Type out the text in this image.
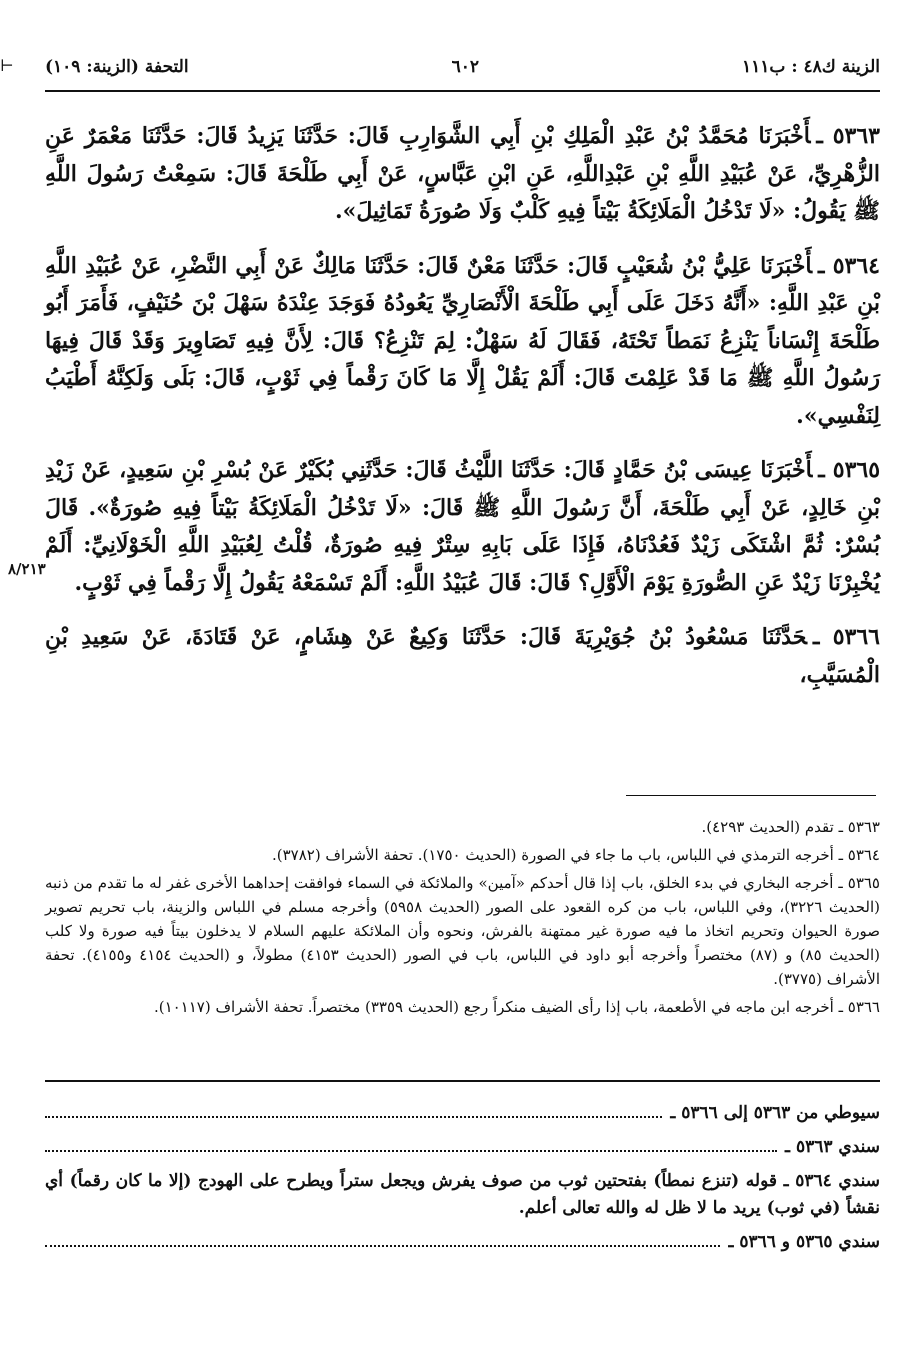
⊣	الزينة ك٤٨ : ب١١١
٦٠٢
التحفة (الزينة: ١٠٩)

٥٣٦٣ ـأَخْبَرَنَا مُحَمَّدُ بْنُ عَبْدِ الْمَلِكِ بْنِ أَبِي الشَّوَارِبِ قَالَ: حَدَّثَنَا يَزِيدُ قَالَ: حَدَّثَنَا مَعْمَرٌ عَنِ الزُّهْرِيِّ، عَنْ عُبَيْدِ اللَّهِ بْنِ عَبْدِاللَّهِ، عَنِ ابْنِ عَبَّاسٍ، عَنْ أَبِي طَلْحَةَ قَالَ: سَمِعْتُ رَسُولَ اللَّهِ ﷺ يَقُولُ: «لَا تَدْخُلُ الْمَلَائِكَةُ بَيْتاً فِيهِ كَلْبٌ وَلَا صُورَةُ تَمَاثِيلَ».

٥٣٦٤ ـأَخْبَرَنَا عَلِيُّ بْنُ شُعَيْبٍ قَالَ: حَدَّثَنَا مَعْنٌ قَالَ: حَدَّثَنَا مَالِكٌ عَنْ أَبِي النَّضْرِ، عَنْ عُبَيْدِ اللَّهِ بْنِ عَبْدِ اللَّهِ: «أَنَّهُ دَخَلَ عَلَى أَبِي طَلْحَةَ الْأَنْصَارِيِّ يَعُودُهُ فَوَجَدَ عِنْدَهُ سَهْلَ بْنَ حُنَيْفٍ، فَأَمَرَ أَبُو طَلْحَةَ إِنْسَاناً يَنْزِعُ نَمَطاً تَحْتَهُ، فَقَالَ لَهُ سَهْلٌ: لِمَ تَنْزِعُ؟ قَالَ: لِأَنَّ فِيهِ تَصَاوِيرَ وَقَدْ قَالَ فِيهَا رَسُولُ اللَّهِ ﷺ مَا قَدْ عَلِمْتَ قَالَ: أَلَمْ يَقُلْ إِلَّا مَا كَانَ رَقْماً فِي ثَوْبٍ، قَالَ: بَلَى وَلَكِنَّهُ أَطْيَبُ لِنَفْسِي».

٥٣٦٥ ـأَخْبَرَنَا عِيسَى بْنُ حَمَّادٍ قَالَ: حَدَّثَنَا اللَّيْثُ قَالَ: حَدَّثَنِي بُكَيْرٌ عَنْ بُسْرِ بْنِ سَعِيدٍ، عَنْ زَيْدِ بْنِ خَالِدٍ، عَنْ أَبِي طَلْحَةَ، أَنَّ رَسُولَ اللَّهِ ﷺ قَالَ: «لَا تَدْخُلُ الْمَلَائِكَةُ بَيْتاً فِيهِ صُورَةٌ». قَالَ بُسْرٌ: ثُمَّ اشْتَكَى زَيْدٌ فَعُدْنَاهُ، فَإِذَا عَلَى بَابِهِ سِتْرٌ فِيهِ صُورَةٌ، قُلْتُ لِعُبَيْدِ اللَّهِ الْخَوْلَانِيِّ: أَلَمْ يُخْبِرْنَا زَيْدٌ عَنِ الصُّورَةِ يَوْمَ الْأَوَّلِ؟ قَالَ: قَالَ عُبَيْدُ اللَّهِ: أَلَمْ تَسْمَعْهُ يَقُولُ إِلَّا رَقْماً فِي ثَوْبٍ.

٥٣٦٦ ـحَدَّثَنَا مَسْعُودُ بْنُ جُوَيْرِيَةَ قَالَ: حَدَّثَنَا وَكِيعٌ عَنْ هِشَامٍ، عَنْ قَتَادَةَ، عَنْ سَعِيدِ بْنِ الْمُسَيَّبِ،

٨/٢١٣

٥٣٦٣ ـ تقدم (الحديث ٤٢٩٣).

٥٣٦٤ ـ أخرجه الترمذي في اللباس، باب ما جاء في الصورة (الحديث ١٧٥٠). تحفة الأشراف (٣٧٨٢).

٥٣٦٥ ـ أخرجه البخاري في بدء الخلق، باب إذا قال أحدكم «آمين» والملائكة في السماء فوافقت إحداهما الأخرى غفر له ما تقدم من ذنبه (الحديث ٣٢٢٦)، وفي اللباس، باب من كره القعود على الصور (الحديث ٥٩٥٨) وأخرجه مسلم في اللباس والزينة، باب تحريم تصوير صورة الحيوان وتحريم اتخاذ ما فيه صورة غير ممتهنة بالفرش، ونحوه وأن الملائكة عليهم السلام لا يدخلون بيتاً فيه صورة ولا كلب (الحديث ٨٥) و (٨٧) مختصراً وأخرجه أبو داود في اللباس، باب في الصور (الحديث ٤١٥٣) مطولاً، و (الحديث ٤١٥٤ و٤١٥٥). تحفة الأشراف (٣٧٧٥).

٥٣٦٦ ـ أخرجه ابن ماجه في الأطعمة، باب إذا رأى الضيف منكراً رجع (الحديث ٣٣٥٩) مختصراً. تحفة الأشراف (١٠١١٧).

سيوطي من ٥٣٦٣ إلى ٥٣٦٦ ـ
سندي ٥٣٦٣ ـ

سندي ٥٣٦٤ ـ قوله (تنزع نمطاً) بفتحتين ثوب من صوف يفرش ويجعل ستراً ويطرح على الهودج (إلا ما كان رقماً) أي نقشاً (في ثوب) يريد ما لا ظل له والله تعالى أعلم.

سندي ٥٣٦٥ و ٥٣٦٦ ـ
